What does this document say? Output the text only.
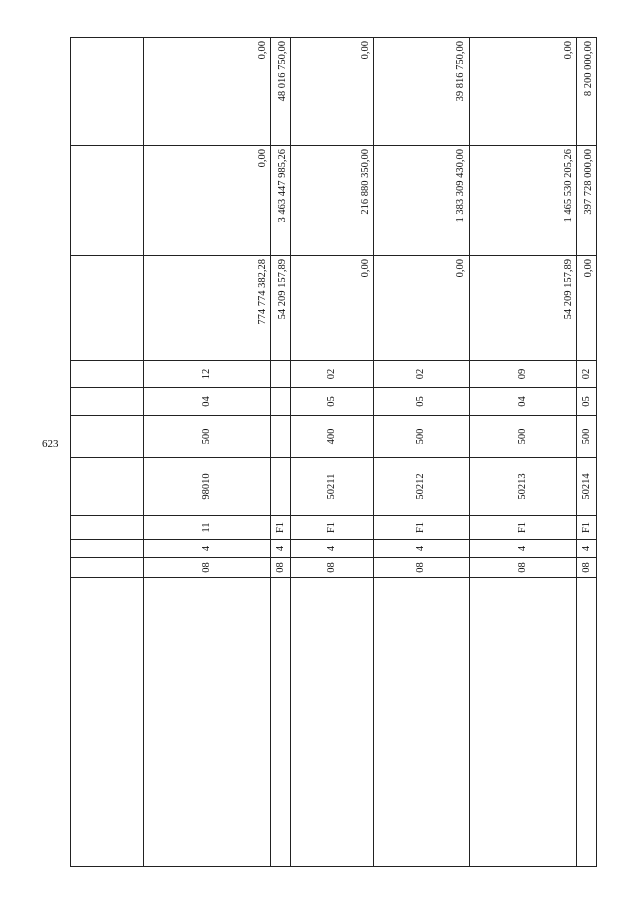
623

	08	4	11	98010	500	04	12	774 774 382,28	0,00	0,00
	08	4	F1					54 209 157,89	3 463 447 985,26	48 016 750,00
	08	4	F1	50211	400	05	02	0,00	216 880 350,00	0,00
	08	4	F1	50212	500	05	02	0,00	1 383 309 430,00	39 816 750,00
	08	4	F1	50213	500	04	09	54 209 157,89	1 465 530 205,26	0,00
	08	4	F1	50214	500	05	02	0,00	397 728 000,00	8 200 000,00
